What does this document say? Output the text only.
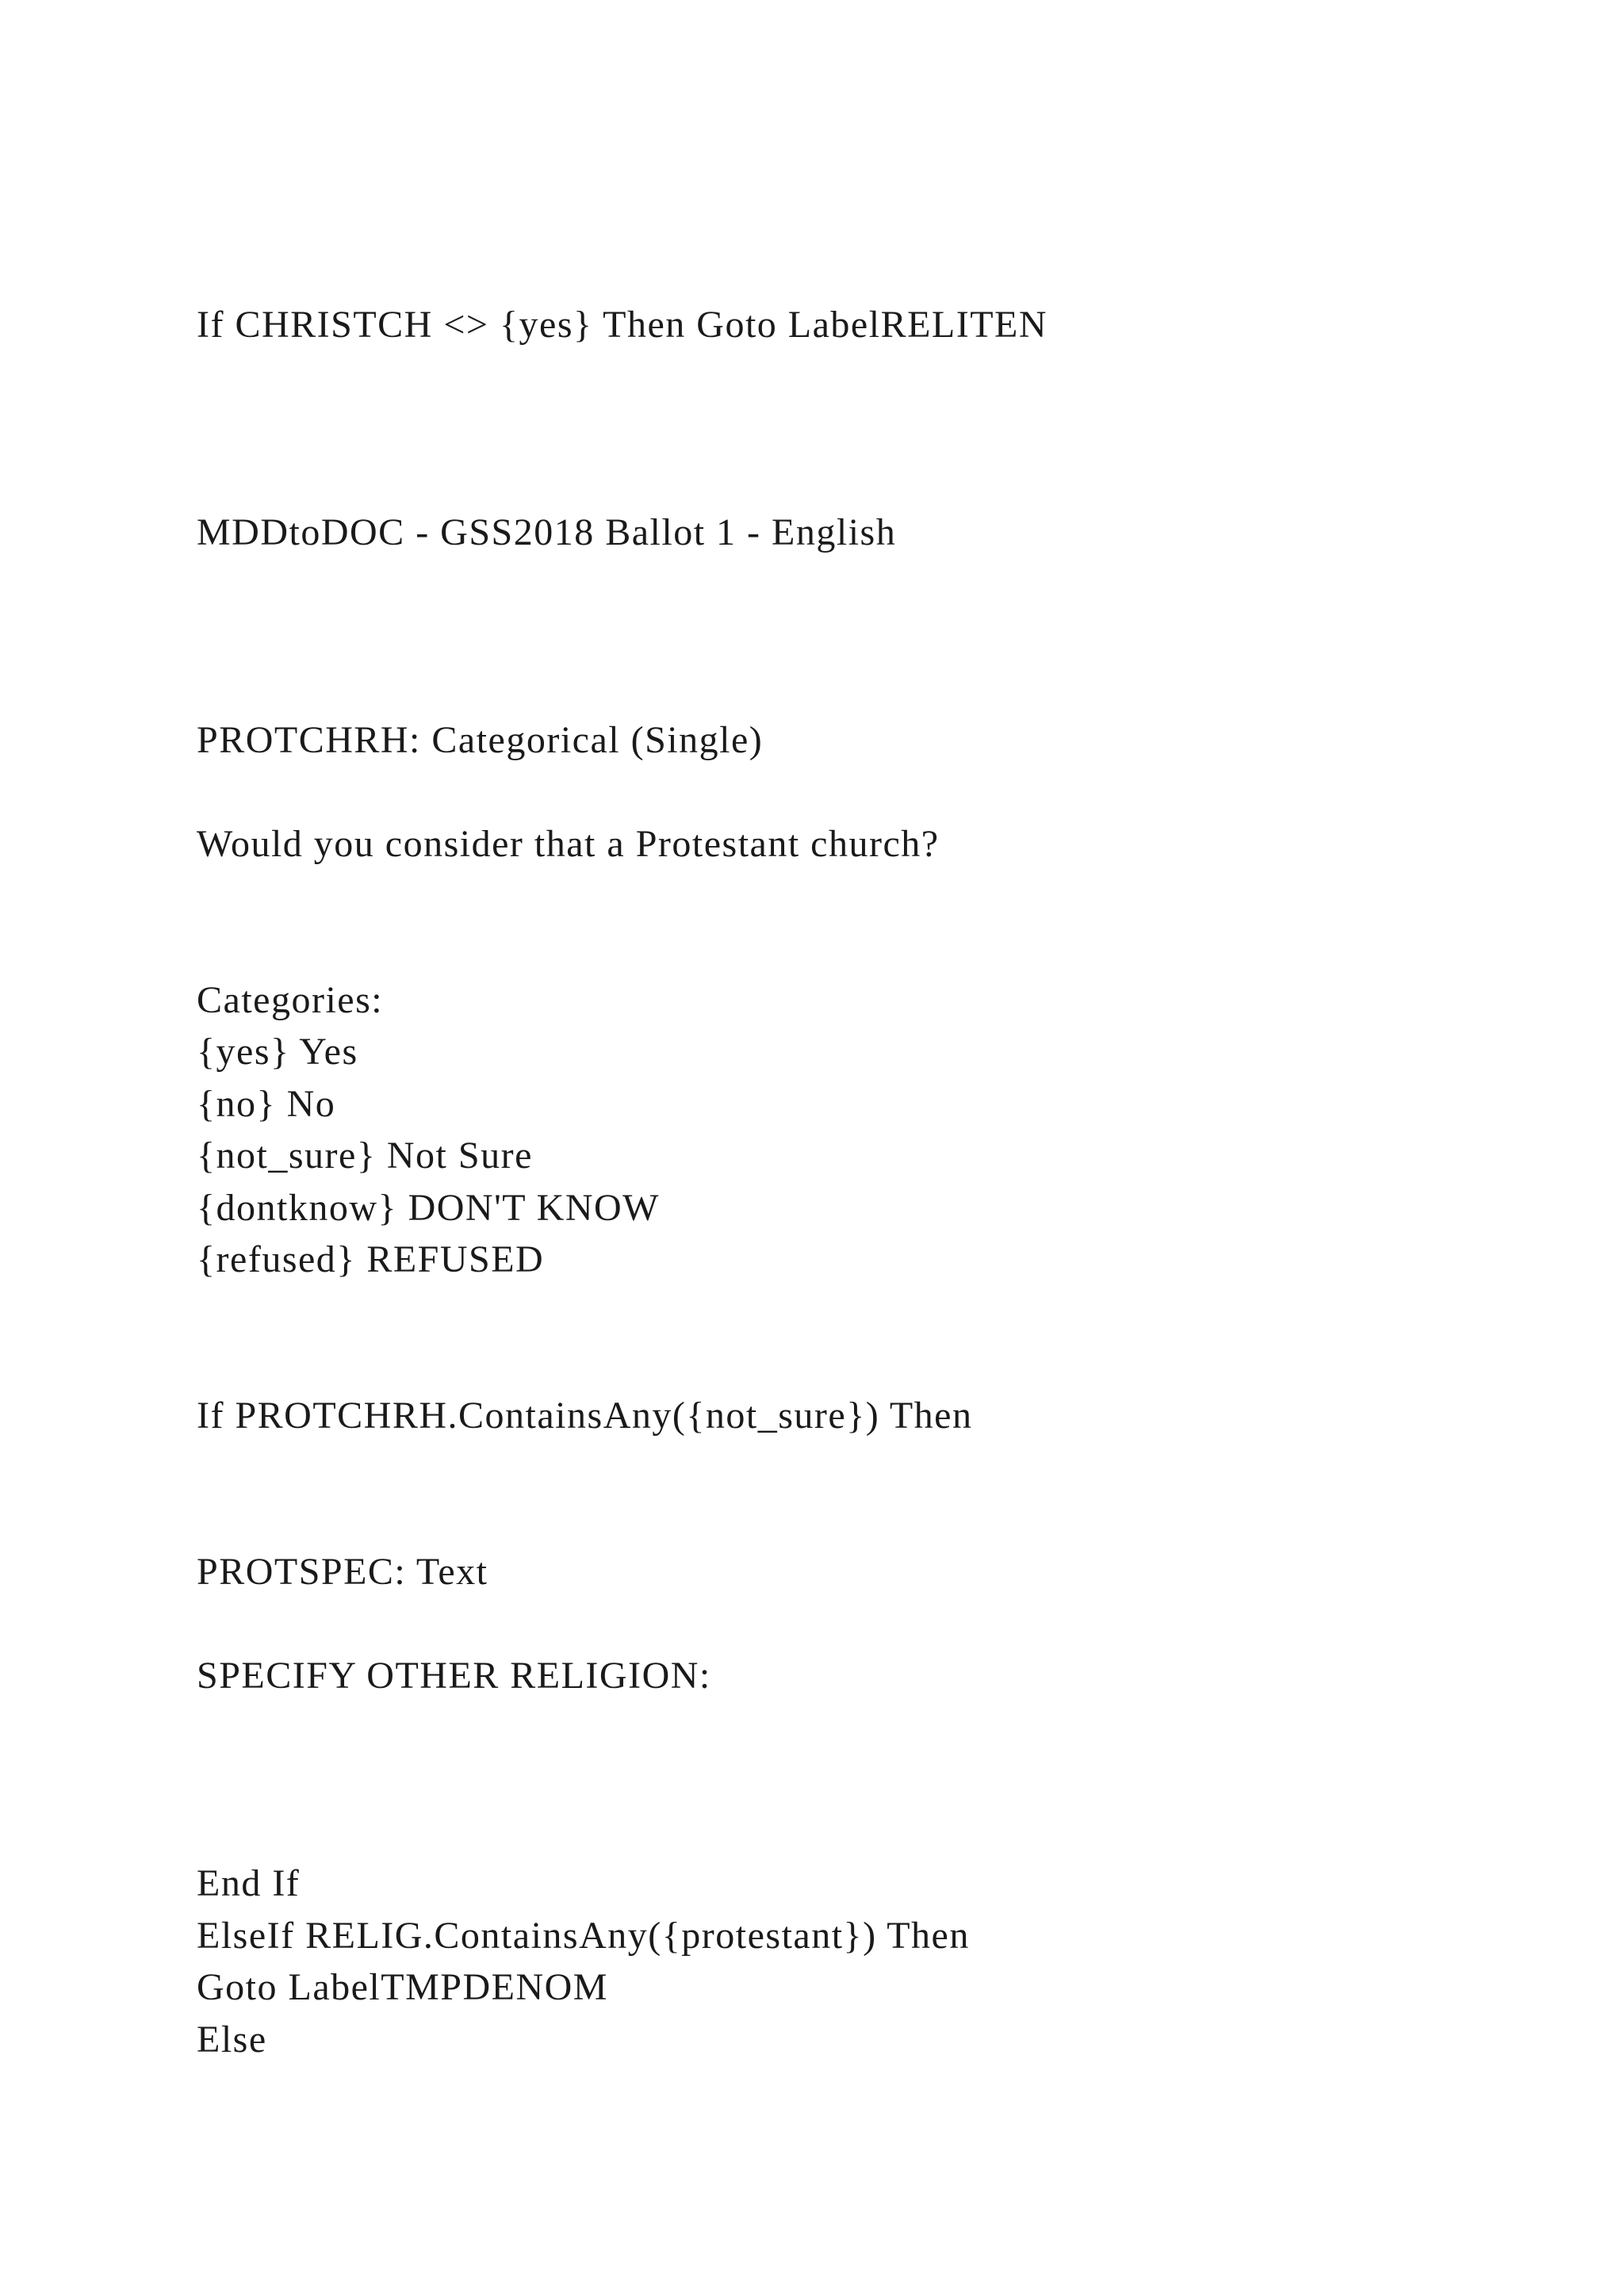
If CHRISTCH <> {yes} Then Goto LabelRELITEN

MDDtoDOC - GSS2018 Ballot 1 - English

PROTCHRH: Categorical (Single)

Would you consider that a Protestant church?

Categories:

{yes} Yes

{no} No

{not_sure} Not Sure

{dontknow} DON'T KNOW

{refused} REFUSED

If PROTCHRH.ContainsAny({not_sure}) Then

PROTSPEC: Text

SPECIFY OTHER RELIGION:

End If

ElseIf RELIG.ContainsAny({protestant}) Then

Goto LabelTMPDENOM

Else
